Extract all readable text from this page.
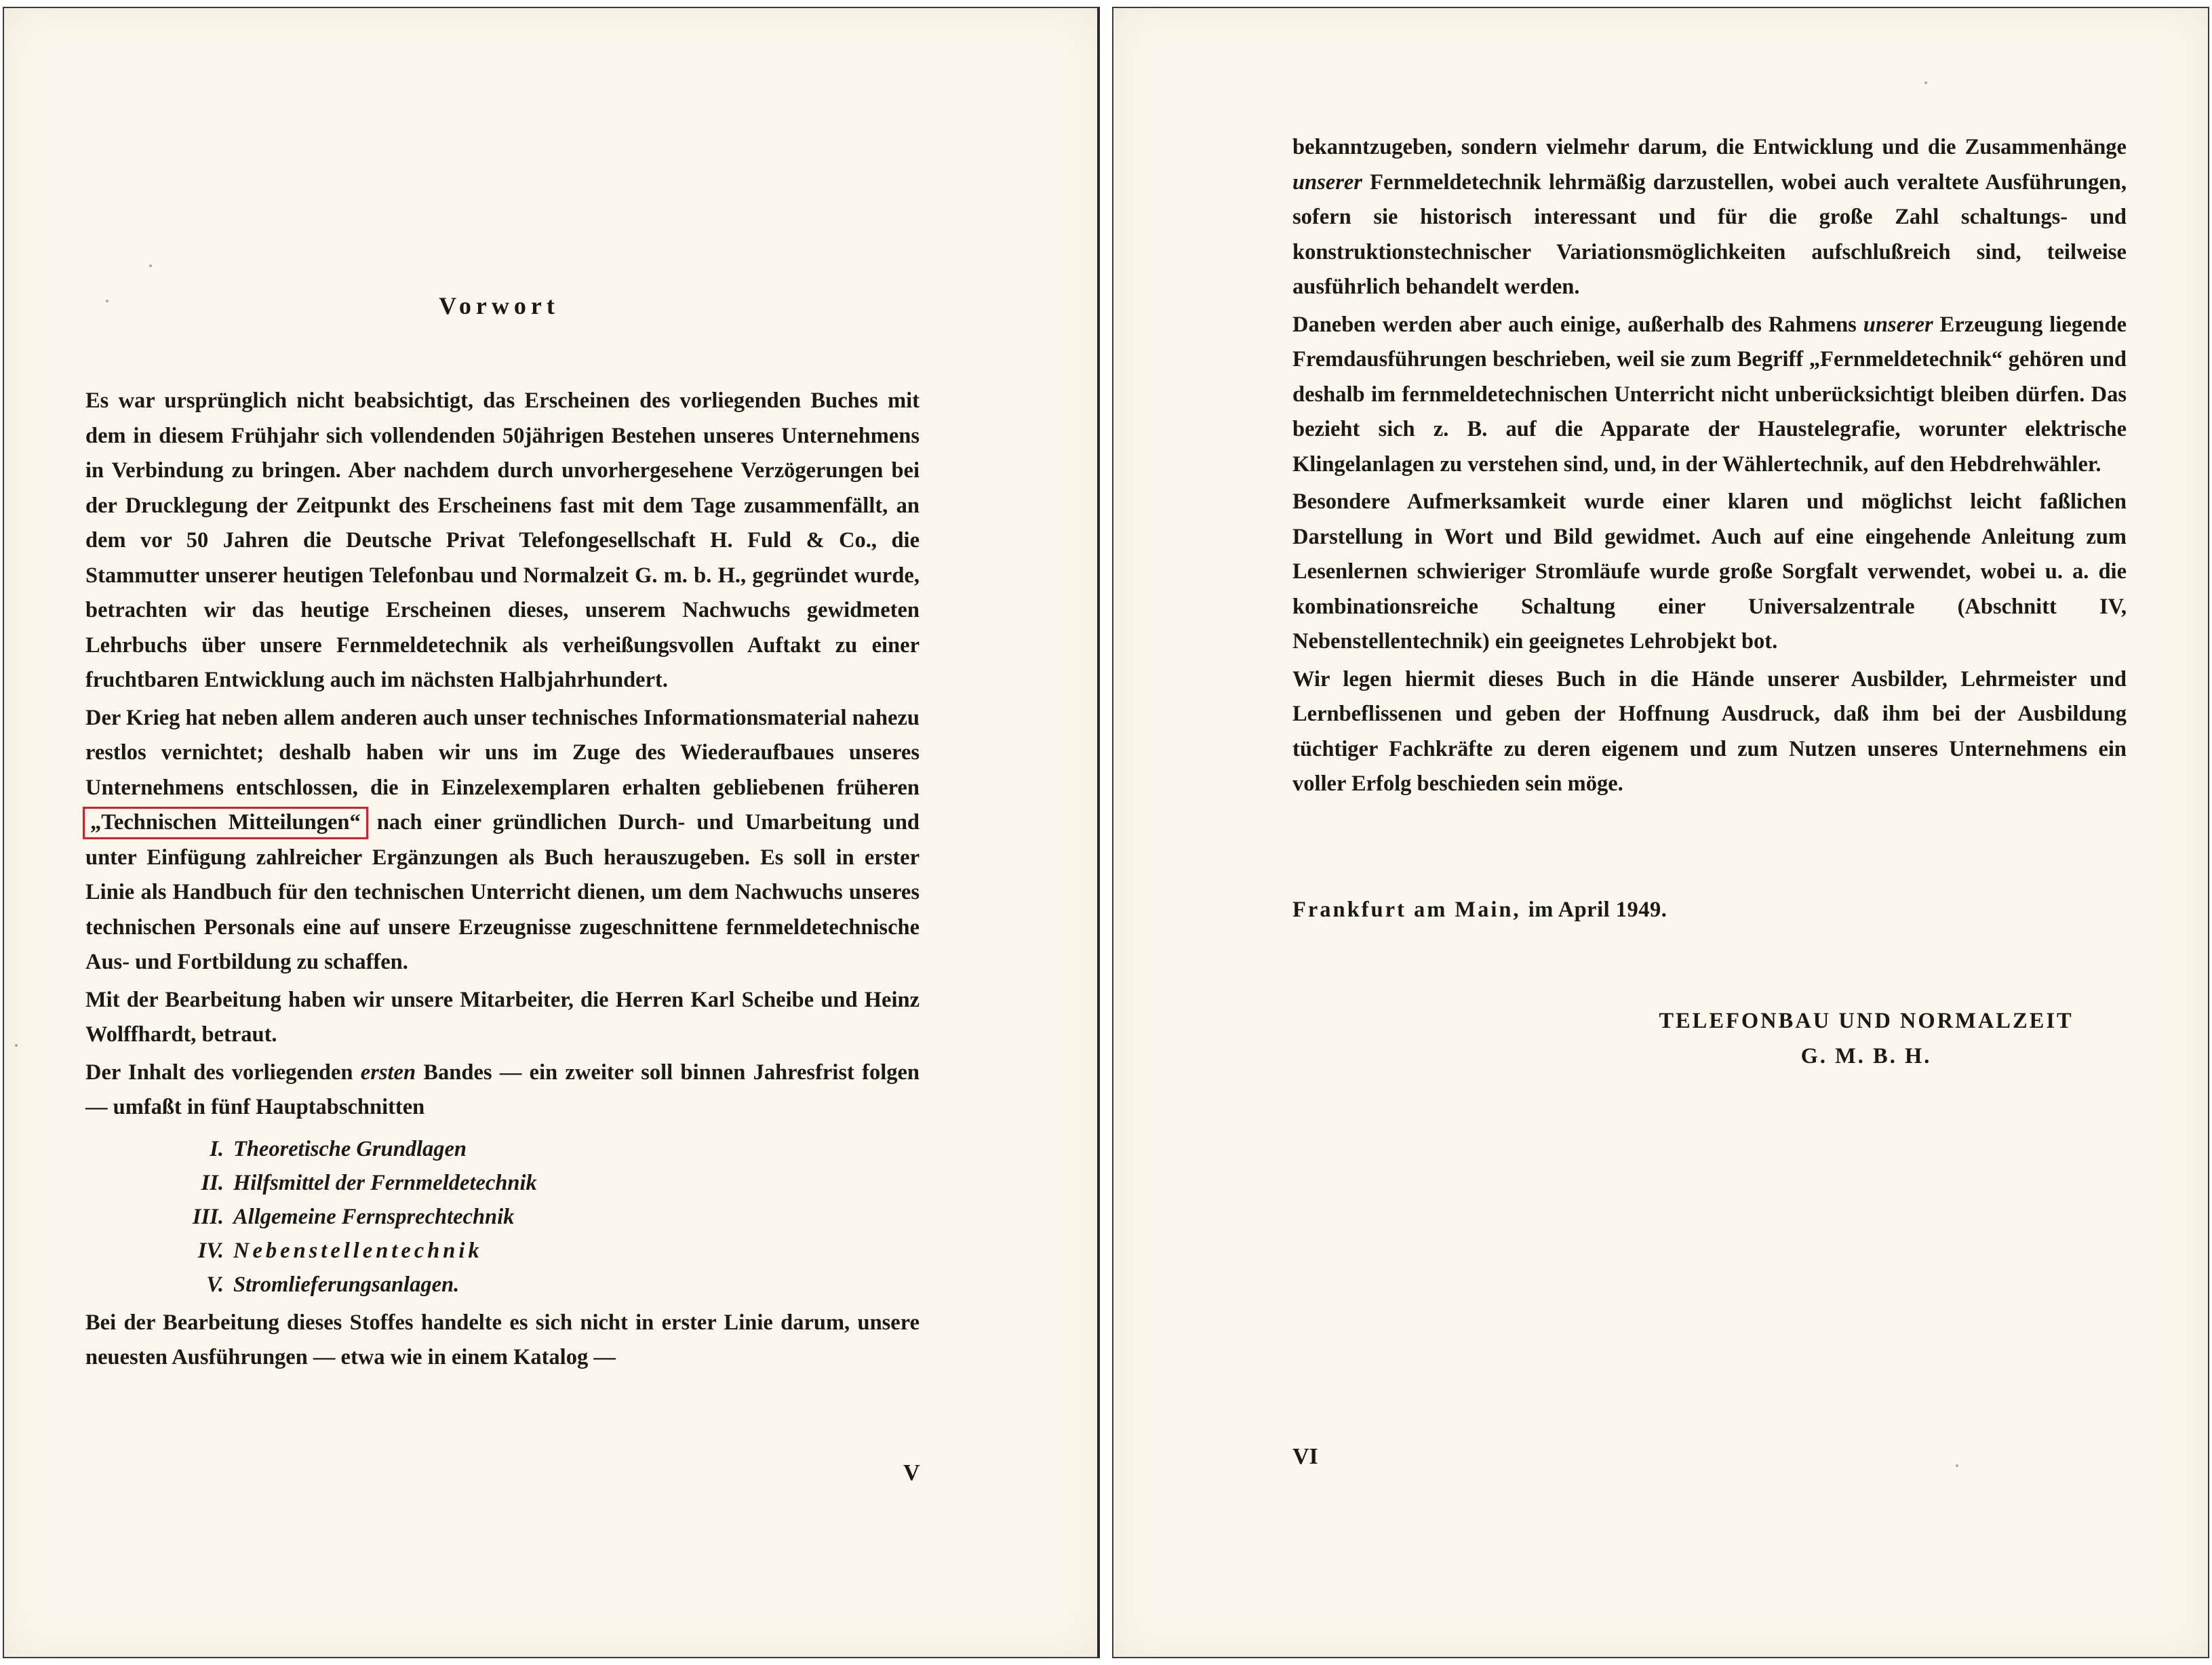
Vorwort

Es war ursprünglich nicht beabsichtigt, das Erscheinen des vorliegenden Buches mit dem in diesem Frühjahr sich vollendenden 50jährigen Bestehen unseres Unternehmens in Verbindung zu bringen. Aber nachdem durch unvorhergesehene Verzögerungen bei der Drucklegung der Zeitpunkt des Erscheinens fast mit dem Tage zusammenfällt, an dem vor 50 Jahren die Deutsche Privat Telefongesellschaft H. Fuld & Co., die Stammutter unserer heutigen Telefonbau und Normalzeit G. m. b. H., gegründet wurde, betrachten wir das heutige Erscheinen dieses, unserem Nachwuchs gewidmeten Lehrbuchs über unsere Fernmeldetechnik als verheißungsvollen Auftakt zu einer fruchtbaren Entwicklung auch im nächsten Halbjahrhundert.

Der Krieg hat neben allem anderen auch unser technisches Informationsmaterial nahezu restlos vernichtet; deshalb haben wir uns im Zuge des Wiederaufbaues unseres Unternehmens entschlossen, die in Einzelexemplaren erhalten gebliebenen früheren „Technischen Mitteilungen“ nach einer gründlichen Durch- und Umarbeitung und unter Einfügung zahlreicher Ergänzungen als Buch herauszugeben. Es soll in erster Linie als Handbuch für den technischen Unterricht dienen, um dem Nachwuchs unseres technischen Personals eine auf unsere Erzeugnisse zugeschnittene fernmeldetechnische Aus- und Fortbildung zu schaffen.

Mit der Bearbeitung haben wir unsere Mitarbeiter, die Herren Karl Scheibe und Heinz Wolffhardt, betraut.

Der Inhalt des vorliegenden ersten Bandes — ein zweiter soll binnen Jahresfrist folgen — umfaßt in fünf Hauptabschnitten

I. Theoretische Grundlagen
II. Hilfsmittel der Fernmeldetechnik
III. Allgemeine Fernsprechtechnik
IV. Nebenstellentechnik
V. Stromlieferungsanlagen.

Bei der Bearbeitung dieses Stoffes handelte es sich nicht in erster Linie darum, unsere neuesten Ausführungen — etwa wie in einem Katalog —

V

bekanntzugeben, sondern vielmehr darum, die Entwicklung und die Zusammenhänge unserer Fernmeldetechnik lehrmäßig darzustellen, wobei auch veraltete Ausführungen, sofern sie historisch interessant und für die große Zahl schaltungs- und konstruktionstechnischer Variationsmöglichkeiten aufschlußreich sind, teilweise ausführlich behandelt werden.

Daneben werden aber auch einige, außerhalb des Rahmens unserer Erzeugung liegende Fremdausführungen beschrieben, weil sie zum Begriff „Fernmeldetechnik“ gehören und deshalb im fernmeldetechnischen Unterricht nicht unberücksichtigt bleiben dürfen. Das bezieht sich z. B. auf die Apparate der Haustelegrafie, worunter elektrische Klingelanlagen zu verstehen sind, und, in der Wählertechnik, auf den Hebdrehwähler.

Besondere Aufmerksamkeit wurde einer klaren und möglichst leicht faßlichen Darstellung in Wort und Bild gewidmet. Auch auf eine eingehende Anleitung zum Lesenlernen schwieriger Stromläufe wurde große Sorgfalt verwendet, wobei u. a. die kombinationsreiche Schaltung einer Universalzentrale (Abschnitt IV, Nebenstellentechnik) ein geeignetes Lehrobjekt bot.

Wir legen hiermit dieses Buch in die Hände unserer Ausbilder, Lehrmeister und Lernbeflissenen und geben der Hoffnung Ausdruck, daß ihm bei der Ausbildung tüchtiger Fachkräfte zu deren eigenem und zum Nutzen unseres Unternehmens ein voller Erfolg beschieden sein möge.

Frankfurt am Main, im April 1949.
TELEFONBAU UND NORMALZEIT
G. M. B. H.
VI
